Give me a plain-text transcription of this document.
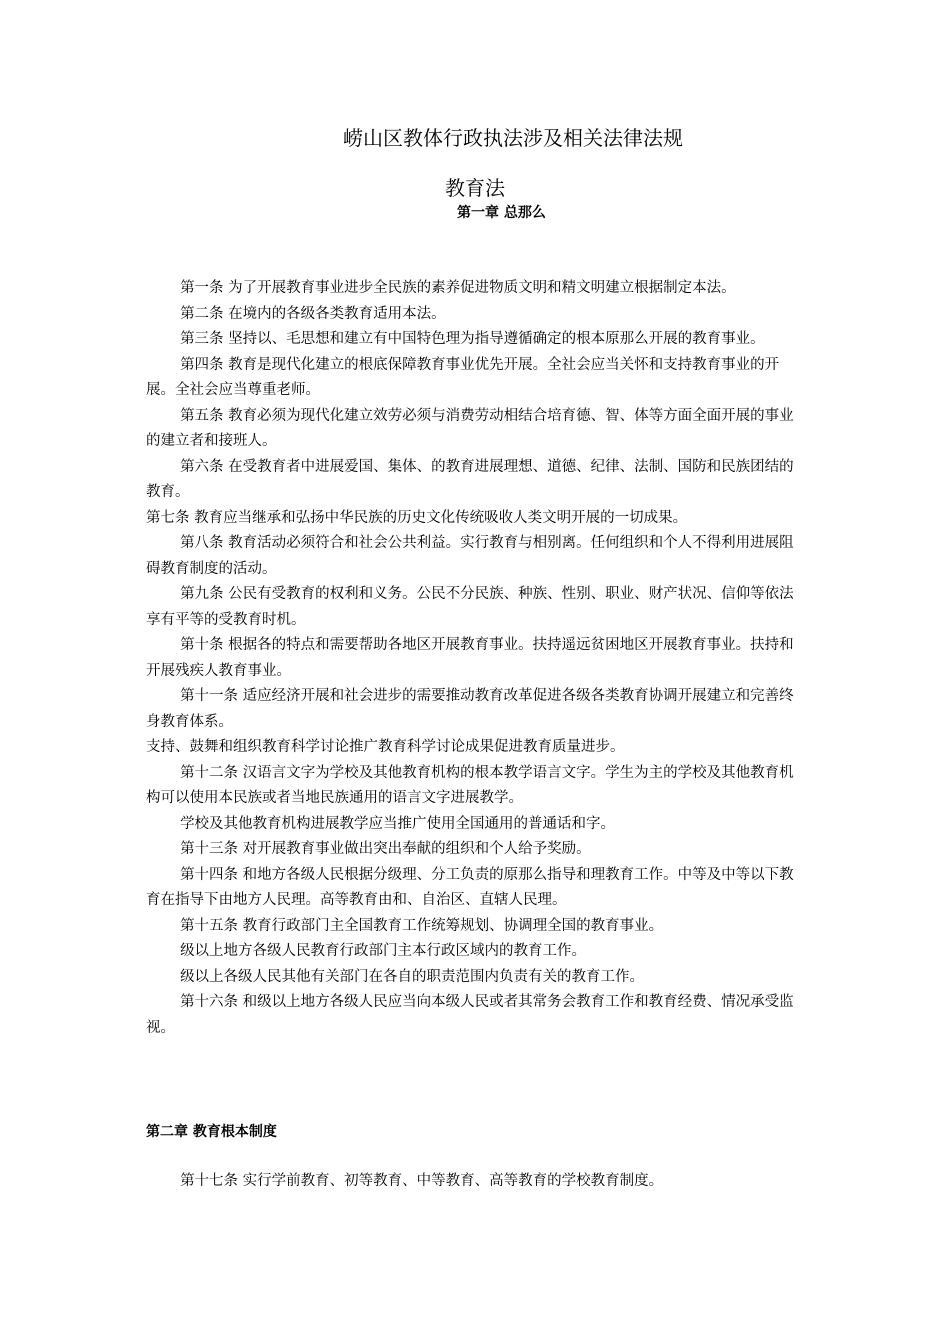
崂山区教体行政执法涉及相关法律法规
教育法
第一章 总那么

第一条 为了开展教育事业进步全民族的素养促进物质文明和精文明建立根据制定本法。

第二条 在境内的各级各类教育适用本法。

第三条 坚持以、毛思想和建立有中国特色理为指导遵循确定的根本原那么开展的教育事业。

第四条 教育是现代化建立的根底保障教育事业优先开展。全社会应当关怀和支持教育事业的开展。全社会应当尊重老师。

第五条 教育必须为现代化建立效劳必须与消费劳动相结合培育德、智、体等方面全面开展的事业的建立者和接班人。

第六条 在受教育者中进展爱国、集体、的教育进展理想、道德、纪律、法制、国防和民族团结的教育。

第七条 教育应当继承和弘扬中华民族的历史文化传统吸收人类文明开展的一切成果。

第八条 教育活动必须符合和社会公共利益。实行教育与相别离。任何组织和个人不得利用进展阻碍教育制度的活动。

第九条 公民有受教育的权利和义务。公民不分民族、种族、性别、职业、财产状况、信仰等依法享有平等的受教育时机。

第十条 根据各的特点和需要帮助各地区开展教育事业。扶持遥远贫困地区开展教育事业。扶持和开展残疾人教育事业。

第十一条 适应经济开展和社会进步的需要推动教育改革促进各级各类教育协调开展建立和完善终身教育体系。

支持、鼓舞和组织教育科学讨论推广教育科学讨论成果促进教育质量进步。

第十二条 汉语言文字为学校及其他教育机构的根本教学语言文字。学生为主的学校及其他教育机构可以使用本民族或者当地民族通用的语言文字进展教学。

学校及其他教育机构进展教学应当推广使用全国通用的普通话和字。

第十三条 对开展教育事业做出突出奉献的组织和个人给予奖励。

第十四条 和地方各级人民根据分级理、分工负责的原那么指导和理教育工作。中等及中等以下教育在指导下由地方人民理。高等教育由和、自治区、直辖人民理。

第十五条 教育行政部门主全国教育工作统筹规划、协调理全国的教育事业。

级以上地方各级人民教育行政部门主本行政区域内的教育工作。

级以上各级人民其他有关部门在各自的职责范围内负责有关的教育工作。

第十六条 和级以上地方各级人民应当向本级人民或者其常务会教育工作和教育经费、情况承受监视。

第二章 教育根本制度

第十七条 实行学前教育、初等教育、中等教育、高等教育的学校教育制度。
